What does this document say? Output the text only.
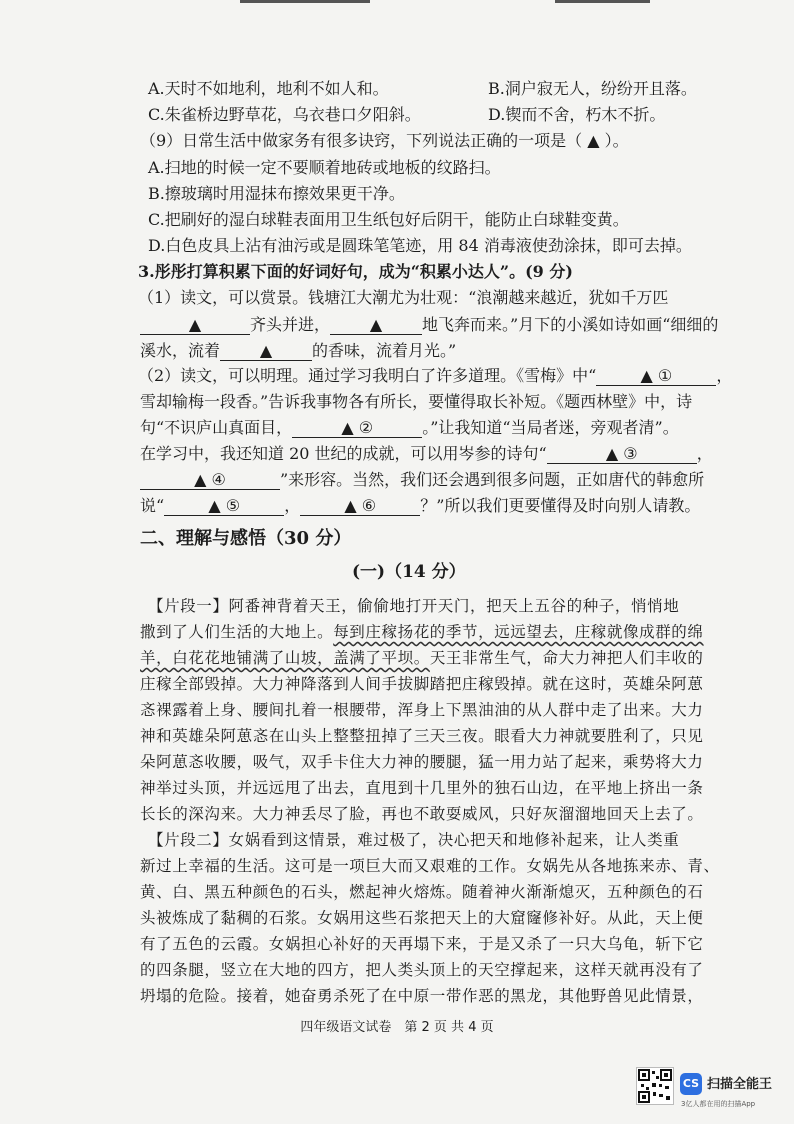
A.天时不如地利，地利不如人和。	B.洞户寂无人，纷纷开且落。
C.朱雀桥边野草花，乌衣巷口夕阳斜。	D.锲而不舍，朽木不折。
（9）日常生活中做家务有很多诀窍，下列说法正确的一项是（ ▲ ）。
A.扫地的时候一定不要顺着地砖或地板的纹路扫。
B.擦玻璃时用湿抹布擦效果更干净。
C.把刷好的湿白球鞋表面用卫生纸包好后阴干，能防止白球鞋变黄。
D.白色皮具上沾有油污或是圆珠笔笔迹，用 84 消毒液使劲涂抹，即可去掉。
3.彤彤打算积累下面的好词好句，成为“积累小达人”。(9 分)
（1）读文，可以赏景。钱塘江大潮尤为壮观：“浪潮越来越近，犹如千万匹
▲	齐头并进， ▲ 地飞奔而来。”月下的小溪如诗如画“细细的
溪水，流着 ▲ 的香味，流着月光。”
（2）读文，可以明理。通过学习我明白了许多道理。《雪梅》中“	▲ ①	，
雪却输梅一段香。”告诉我事物各有所长，要懂得取长补短。《题西林壁》中，诗
句“不识庐山真面目，	▲ ②	。”让我知道“当局者迷，旁观者清”。
在学习中，我还知道 20 世纪的成就，可以用岑参的诗句“	▲ ③	，
▲ ④	”来形容。当然，我们还会遇到很多问题，正如唐代的韩愈所
说“	▲ ⑤	，	▲ ⑥	？”所以我们更要懂得及时向别人请教。
二、理解与感悟（30 分）
(一)（14 分）
【片段一】阿番神背着天王，偷偷地打开天门，把天上五谷的种子，悄悄地
撒到了人们生活的大地上。每到庄稼扬花的季节，远远望去，庄稼就像成群的绵
羊，白花花地铺满了山坡，盖满了平坝。天王非常生气，命大力神把人们丰收的
庄稼全部毁掉。大力神降落到人间手拔脚踏把庄稼毁掉。就在这时，英雄朵阿葸
忞裸露着上身、腰间扎着一根腰带，浑身上下黑油油的从人群中走了出来。大力
神和英雄朵阿葸忞在山头上整整扭掉了三天三夜。眼看大力神就要胜利了，只见
朵阿葸忞收腰，吸气，双手卡住大力神的腰腿，猛一用力站了起来，乘势将大力
神举过头顶，并远远甩了出去，直甩到十几里外的独石山边，在平地上挤出一条
长长的深沟来。大力神丢尽了脸，再也不敢耍威风，只好灰溜溜地回天上去了。
【片段二】女娲看到这情景，难过极了，决心把天和地修补起来，让人类重
新过上幸福的生活。这可是一项巨大而又艰难的工作。女娲先从各地拣来赤、青、
黄、白、黑五种颜色的石头，燃起神火熔炼。随着神火渐渐熄灭，五种颜色的石
头被炼成了黏稠的石浆。女娲用这些石浆把天上的大窟窿修补好。从此，天上便
有了五色的云霞。女娲担心补好的天再塌下来，于是又杀了一只大乌龟，斩下它
的四条腿，竖立在大地的四方，把人类头顶上的天空撑起来，这样天就再没有了
坍塌的危险。接着，她奋勇杀死了在中原一带作恶的黑龙，其他野兽见此情景，
四年级语文试卷　第 2 页 共 4 页
CS 扫描全能王
3亿人都在用的扫描App
